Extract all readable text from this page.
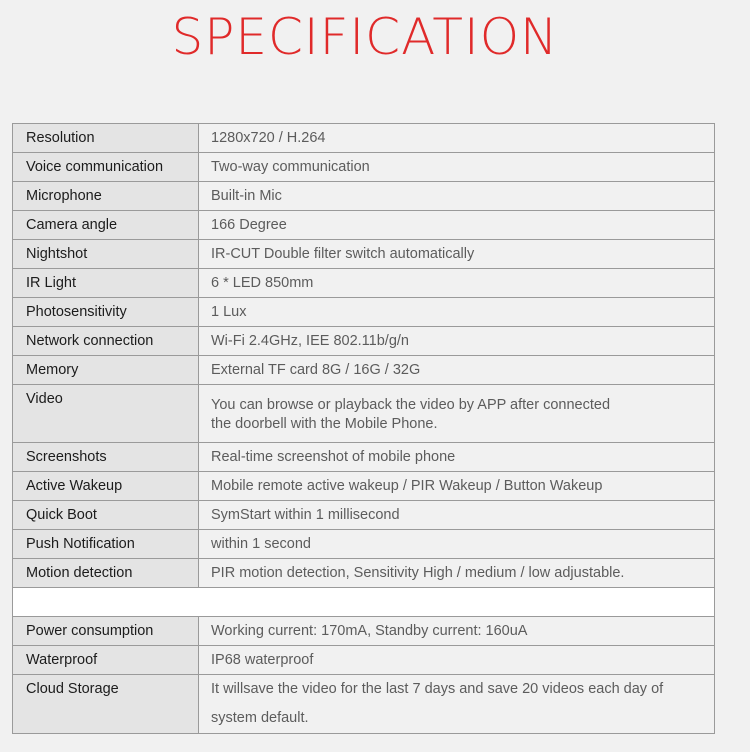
SPECIFICATION
Resolution	1280x720 / H.264
Voice communication	Two-way communication
Microphone	Built-in Mic
Camera angle	166 Degree
Nightshot	IR-CUT Double filter switch automatically
IR Light	6 * LED 850mm
Photosensitivity	1 Lux
Network connection	Wi-Fi 2.4GHz, IEE 802.11b/g/n
Memory	External TF card 8G / 16G / 32G
Video	You can browse or playback the video by APP after connected
the doorbell with the Mobile Phone.

Screenshots	Real-time screenshot of mobile phone
Active Wakeup	Mobile remote active wakeup / PIR Wakeup / Button Wakeup
Quick Boot	SymStart within 1 millisecond
Push Notification	within 1 second
Motion detection	PIR motion detection, Sensitivity High / medium / low adjustable.

Power consumption	Working current: 170mA, Standby current: 160uA
Waterproof	IP68 waterproof
Cloud Storage	It willsave the video for the last 7 days and save 20 videos each day of
system default.
